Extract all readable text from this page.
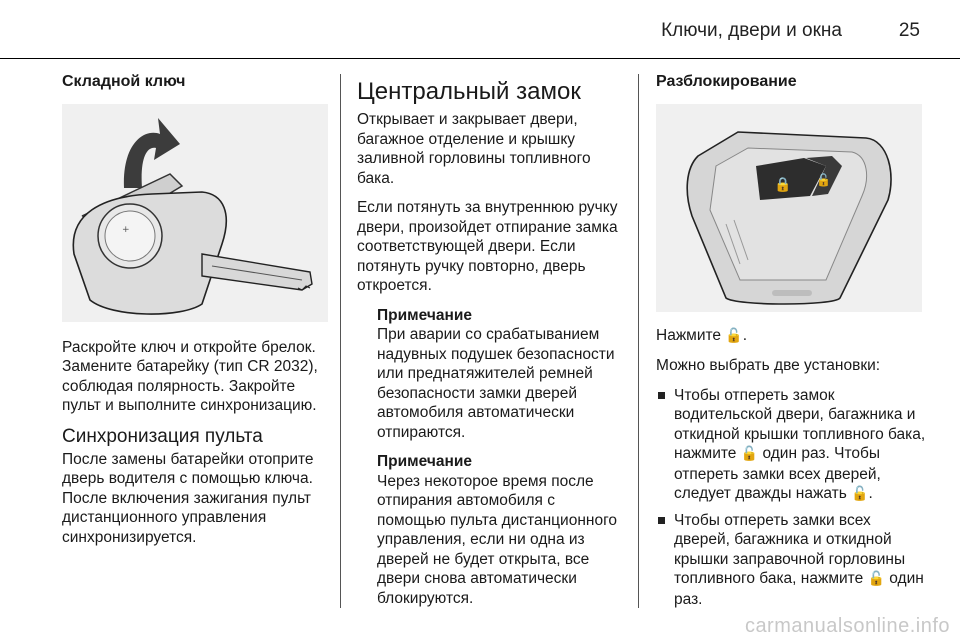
Ключи, двери и окна	25
Складной ключ
+

Раскройте ключ и откройте брелок. Замените батарейку (тип CR 2032), соблюдая полярность. Закройте пульт и выполните синхронизацию.

Синхронизация пульта

После замены батарейки отоприте дверь водителя с помощью ключа. После включения зажигания пульт дистанционного управления синхронизируется.

Центральный замок

Открывает и закрывает двери, багажное отделение и крышку заливной горловины топливного бака.

Если потянуть за внутреннюю ручку двери, произойдет отпирание замка соответствующей двери. Если потянуть ручку повторно, дверь откроется.

Примечание
При аварии со срабатыванием надувных подушек безопасности или преднатяжителей ремней безопасности замки дверей автомобиля автоматически отпираются.
Примечание
Через некоторое время после отпирания автомобиля с помощью пульта дистанционного управления, если ни одна из дверей не будет открыта, все двери снова автоматически блокируются.
Разблокирование
🔒 🔓

Нажмите 🔓.

Можно выбрать две установки:

Чтобы отпереть замок водительской двери, багажника и откидной крышки топливного бака, нажмите 🔓 один раз. Чтобы отпереть замки всех дверей, следует дважды нажать 🔓.
Чтобы отпереть замки всех дверей, багажника и откидной крышки заправочной горловины топливного бака, нажмите 🔓 один раз.
carmanualsonline.info
